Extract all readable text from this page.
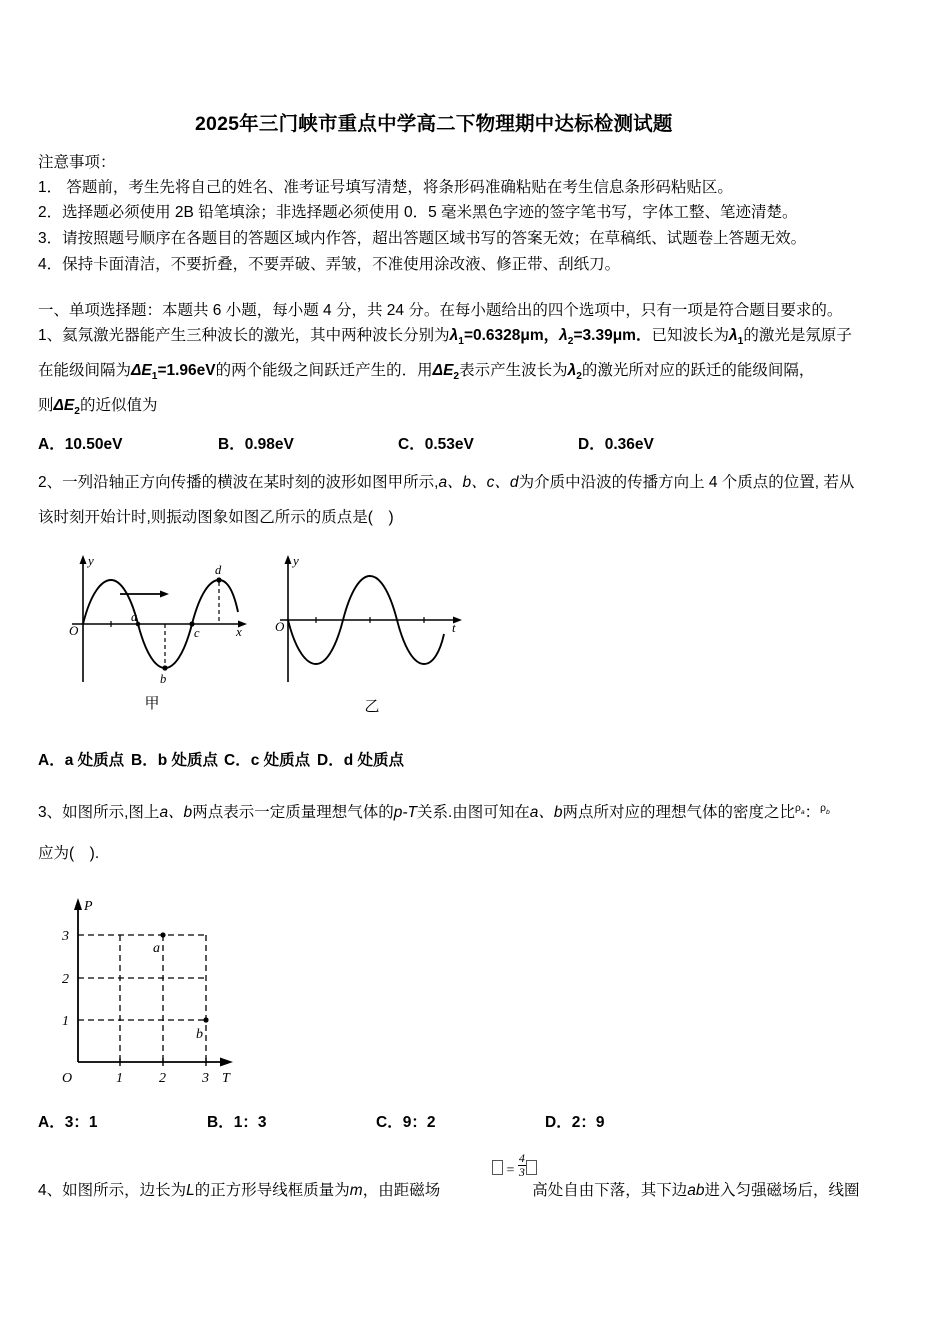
2025年三门峡市重点中学高二下物理期中达标检测试题
注意事项：
1． 答题前，考生先将自己的姓名、准考证号填写清楚，将条形码准确粘贴在考生信息条形码粘贴区。
2．选择题必须使用 2B 铅笔填涂；非选择题必须使用 0．5 毫米黑色字迹的签字笔书写，字体工整、笔迹清楚。
3．请按照题号顺序在各题目的答题区域内作答，超出答题区域书写的答案无效；在草稿纸、试题卷上答题无效。
4．保持卡面清洁，不要折叠，不要弄破、弄皱，不准使用涂改液、修正带、刮纸刀。
一、单项选择题：本题共 6 小题，每小题 4 分，共 24 分。在每小题给出的四个选项中，只有一项是符合题目要求的。
1、氦氖激光器能产生三种波长的激光，其中两种波长分别为$\lambda_1=0.6328\mu m$，$\lambda_2=3.39\mu m$．已知波长为$\lambda_1$的激光是氖原子
在能级间隔为$\Delta E_1=1.96eV$的两个能级之间跃迁产生的．用$\Delta E_2$表示产生波长为$\lambda_2$的激光所对应的跃迁的能级间隔，
则$\Delta E_2$的近似值为
A．10.50eV	B．0.98eV	C．0.53eV	D．0.36eV
2、一列沿轴正方向传播的横波在某时刻的波形如图甲所示,a、b、c、d为介质中沿波的传播方向上 4 个质点的位置, 若从
该时刻开始计时,则振动图象如图乙所示的质点是(　)
y
x
O
a
b
c
d
甲
y
t
O
乙
A．a 处质点 B．b 处质点 C．c 处质点 D．d 处质点
3、如图所示,图上a、b两点表示一定质量理想气体的p-T关系.由图可知在a、b两点所对应的理想气体的密度之比$^{\rho_a}$：$^{\rho_b}$
应为(　).
P
T
O
3
2
1
1	2	3
a
b
A．3：1	B．1：3	C．9：2	D．2：9
= $\frac{4}{3}$
4、如图所示，边长为L的正方形导线框质量为m，由距磁场	高处自由下落，其下边ab进入匀强磁场后，线圈
